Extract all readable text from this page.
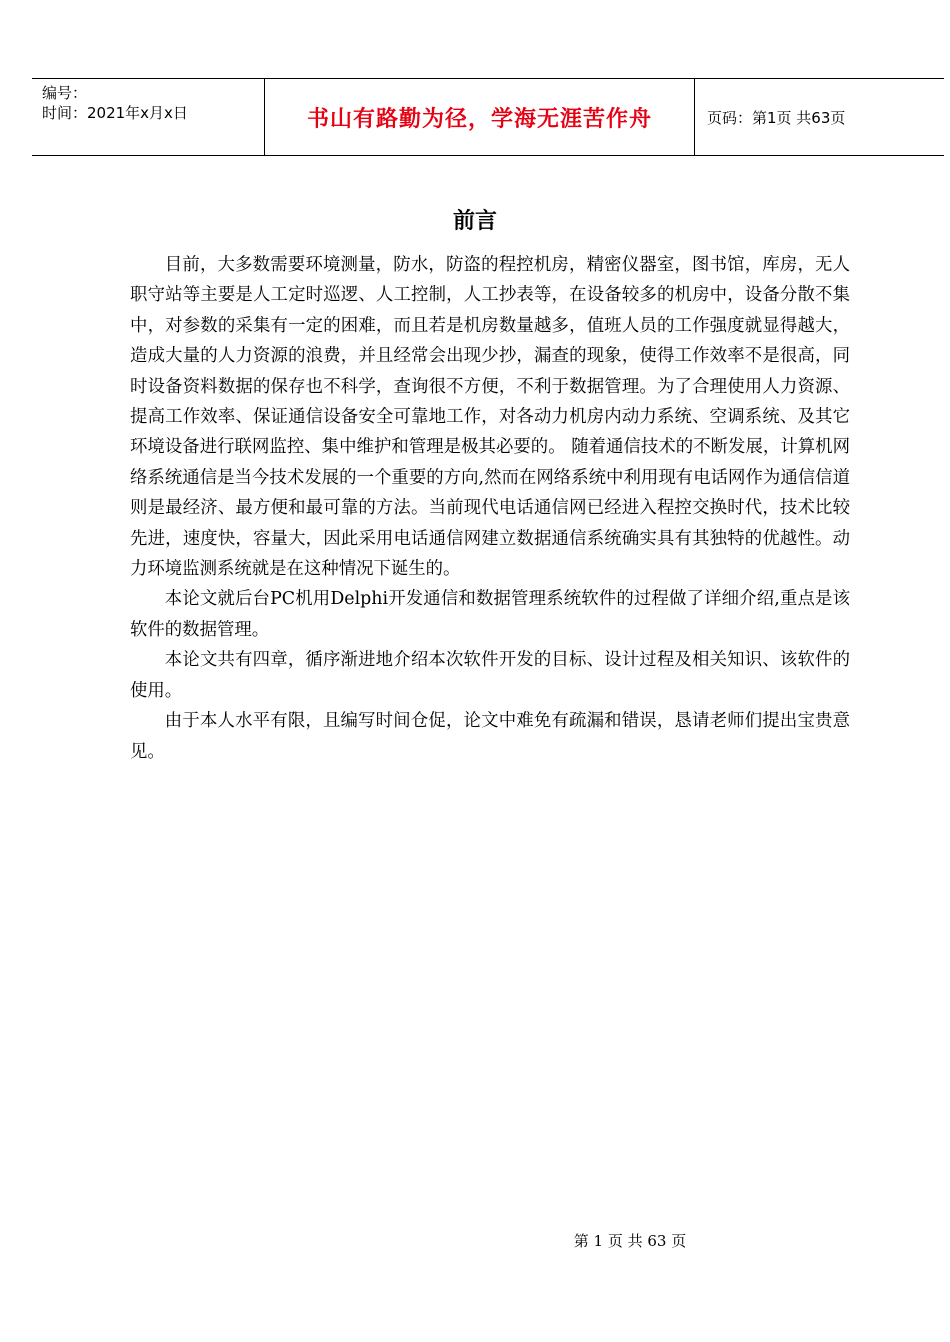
编号：
时间：2021年x月x日	书山有路勤为径，学海无涯苦作舟	页码：第1页 共63页
前言

目前，大多数需要环境测量，防水，防盗的程控机房，精密仪器室，图书馆，库房，无人职守站等主要是人工定时巡逻、人工控制，人工抄表等，在设备较多的机房中，设备分散不集中，对参数的采集有一定的困难，而且若是机房数量越多，值班人员的工作强度就显得越大，造成大量的人力资源的浪费，并且经常会出现少抄，漏查的现象，使得工作效率不是很高，同时设备资料数据的保存也不科学，查询很不方便，不利于数据管理。为了合理使用人力资源、提高工作效率、保证通信设备安全可靠地工作，对各动力机房内动力系统、空调系统、及其它环境设备进行联网监控、集中维护和管理是极其必要的。 随着通信技术的不断发展，计算机网络系统通信是当今技术发展的一个重要的方向,然而在网络系统中利用现有电话网作为通信信道则是最经济、最方便和最可靠的方法。当前现代电话通信网已经进入程控交换时代，技术比较先进，速度快，容量大，因此采用电话通信网建立数据通信系统确实具有其独特的优越性。动力环境监测系统就是在这种情况下诞生的。

本论文就后台PC机用Delphi开发通信和数据管理系统软件的过程做了详细介绍,重点是该软件的数据管理。

本论文共有四章，循序渐进地介绍本次软件开发的目标、设计过程及相关知识、该软件的使用。

由于本人水平有限，且编写时间仓促，论文中难免有疏漏和错误，恳请老师们提出宝贵意见。

第 1 页 共 63 页
